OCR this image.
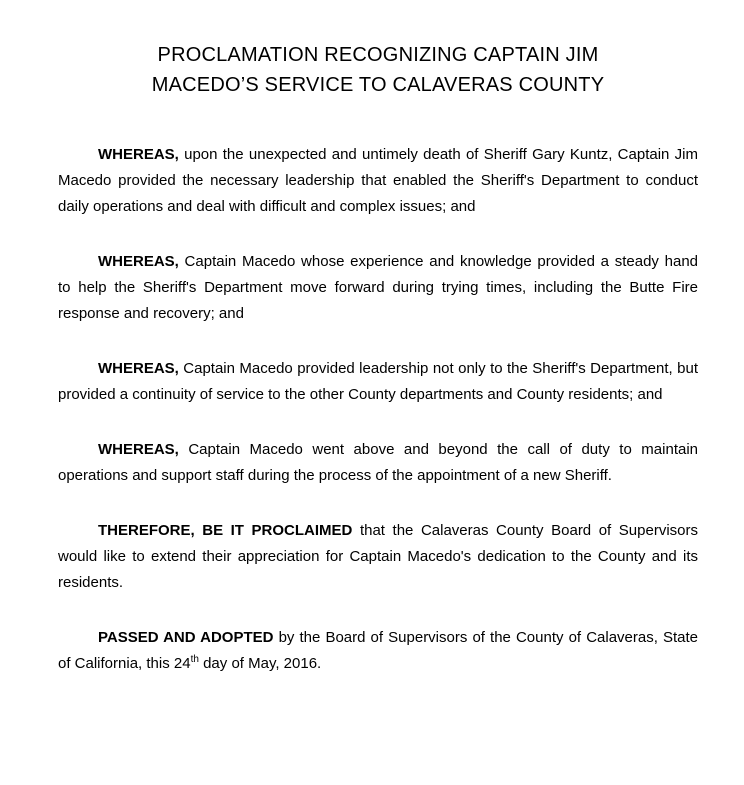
PROCLAMATION RECOGNIZING CAPTAIN JIM
MACEDO’S SERVICE TO CALAVERAS COUNTY

WHEREAS, upon the unexpected and untimely death of Sheriff Gary Kuntz, Captain Jim Macedo provided the necessary leadership that enabled the Sheriff's Department to conduct daily operations and deal with difficult and complex issues; and

WHEREAS, Captain Macedo whose experience and knowledge provided a steady hand to help the Sheriff's Department move forward during trying times, including the Butte Fire response and recovery; and

WHEREAS, Captain Macedo provided leadership not only to the Sheriff's Department, but provided a continuity of service to the other County departments and County residents; and

WHEREAS, Captain Macedo went above and beyond the call of duty to maintain operations and support staff during the process of the appointment of a new Sheriff.

THEREFORE, BE IT PROCLAIMED that the Calaveras County Board of Supervisors would like to extend their appreciation for Captain Macedo's dedication to the County and its residents.

PASSED AND ADOPTED by the Board of Supervisors of the County of Calaveras, State of California, this 24th day of May, 2016.
